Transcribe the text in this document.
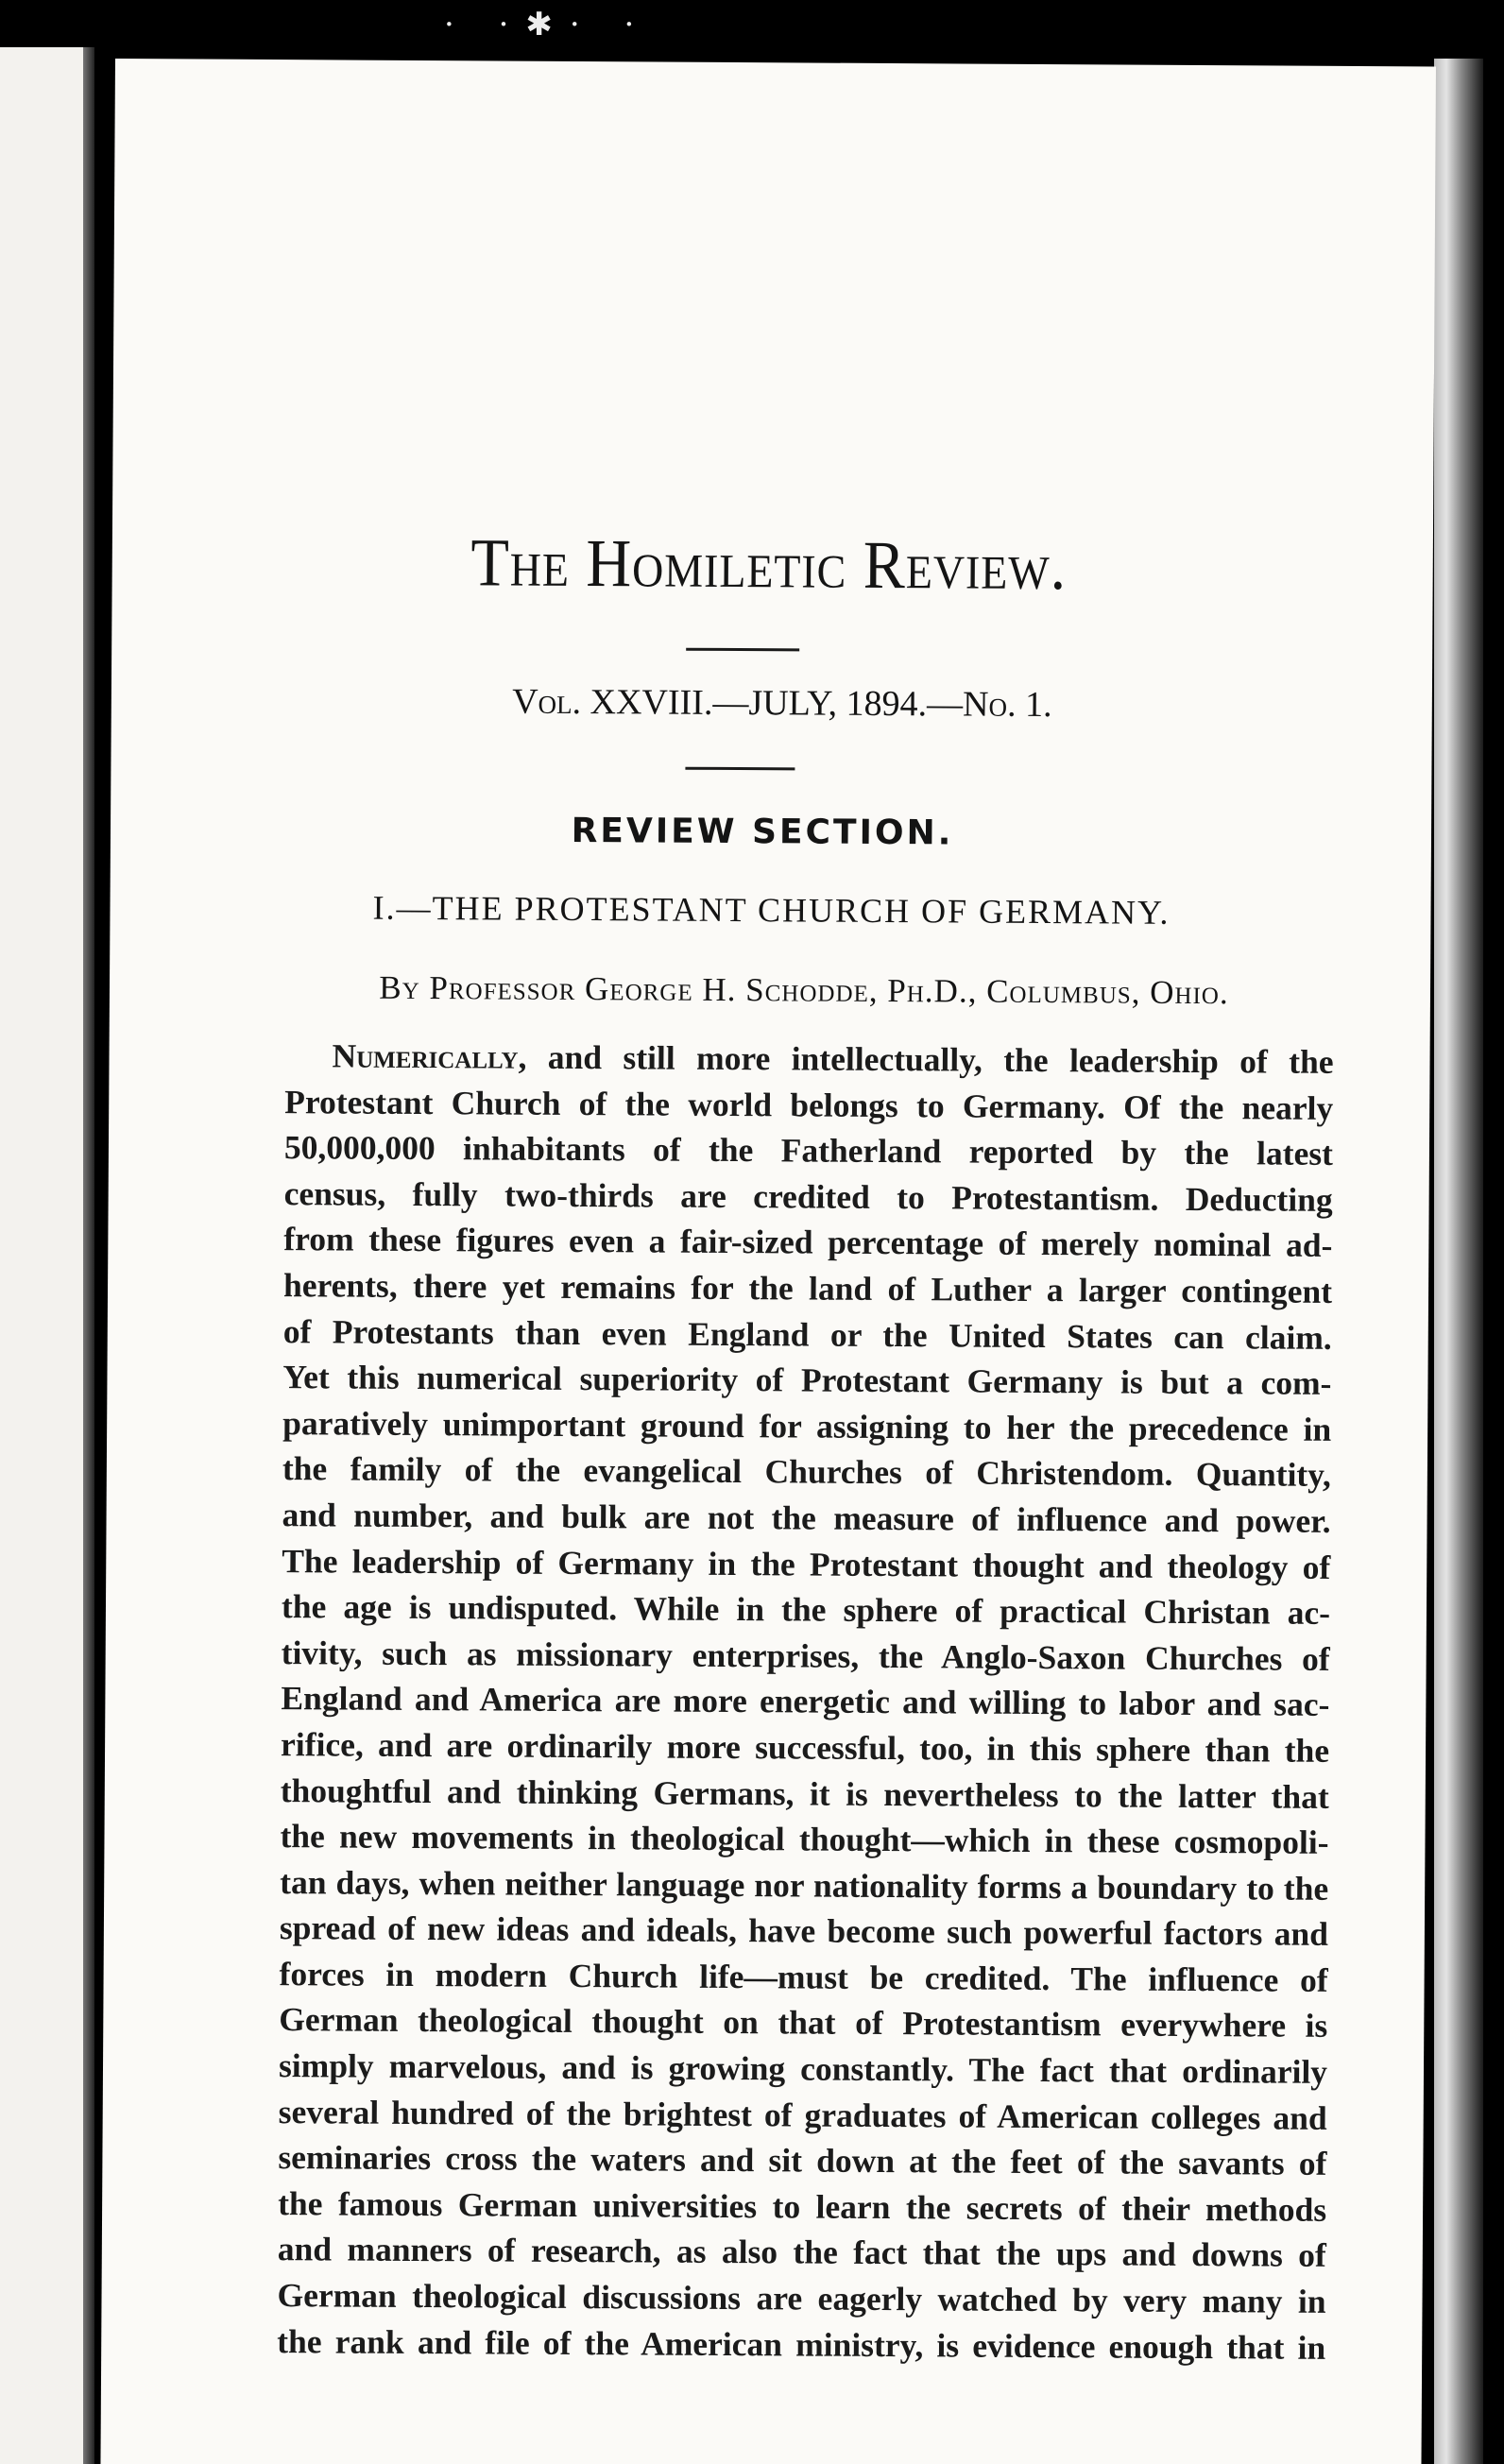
· ·✱· ·
The Homiletic Review.
Vol. XXVIII.—JULY, 1894.—No. 1.
REVIEW SECTION.
I.—THE PROTESTANT CHURCH OF GERMANY.
By Professor George H. Schodde, Ph.D., Columbus, Ohio.
Numerically, and still more intellectually, the leadership of the
Protestant Church of the world belongs to Germany. Of the nearly
50,000,000 inhabitants of the Fatherland reported by the latest
census, fully two-thirds are credited to Protestantism. Deducting
from these figures even a fair-sized percentage of merely nominal ad-
herents, there yet remains for the land of Luther a larger contingent
of Protestants than even England or the United States can claim.
Yet this numerical superiority of Protestant Germany is but a com-
paratively unimportant ground for assigning to her the precedence in
the family of the evangelical Churches of Christendom. Quantity,
and number, and bulk are not the measure of influence and power.
The leadership of Germany in the Protestant thought and theology of
the age is undisputed. While in the sphere of practical Christan ac-
tivity, such as missionary enterprises, the Anglo-Saxon Churches of
England and America are more energetic and willing to labor and sac-
rifice, and are ordinarily more successful, too, in this sphere than the
thoughtful and thinking Germans, it is nevertheless to the latter that
the new movements in theological thought—which in these cosmopoli-
tan days, when neither language nor nationality forms a boundary to the
spread of new ideas and ideals, have become such powerful factors and
forces in modern Church life—must be credited. The influence of
German theological thought on that of Protestantism everywhere is
simply marvelous, and is growing constantly. The fact that ordinarily
several hundred of the brightest of graduates of American colleges and
seminaries cross the waters and sit down at the feet of the savants of
the famous German universities to learn the secrets of their methods
and manners of research, as also the fact that the ups and downs of
German theological discussions are eagerly watched by very many in
the rank and file of the American ministry, is evidence enough that in
